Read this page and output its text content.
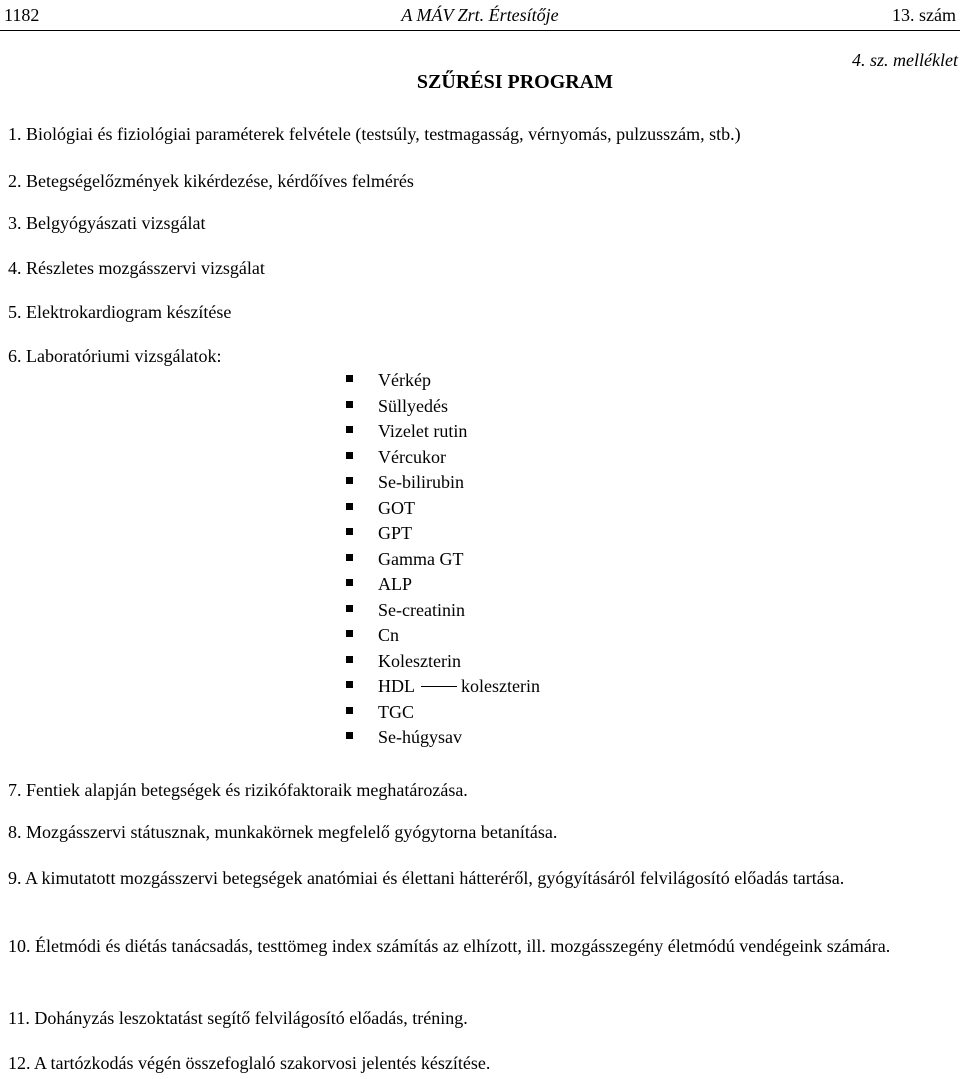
1182	A MÁV Zrt. Értesítője	13. szám
4. sz. melléklet
SZŰRÉSI PROGRAM
1. Biológiai és fiziológiai paraméterek felvétele (testsúly, testmagasság, vérnyomás, pulzusszám, stb.)
2. Betegségelőzmények kikérdezése, kérdőíves felmérés
3. Belgyógyászati vizsgálat
4. Részletes mozgásszervi vizsgálat
5. Elektrokardiogram készítése
6. Laboratóriumi vizsgálatok:
Vérkép
Süllyedés
Vizelet rutin
Vércukor
Se-bilirubin
GOT
GPT
Gamma GT
ALP
Se-creatinin
Cn
Koleszterin
HDL	koleszterin
TGC
Se-húgysav
7. Fentiek alapján betegségek és rizikófaktoraik meghatározása.
8. Mozgásszervi státusznak, munkakörnek megfelelő gyógytorna betanítása.
9. A kimutatott mozgásszervi betegségek anatómiai és élettani hátteréről, gyógyításáról felvilágosító előadás tartása.
10. Életmódi és diétás tanácsadás, testtömeg index számítás az elhízott, ill. mozgásszegény életmódú vendégeink számára.
11. Dohányzás leszoktatást segítő felvilágosító előadás, tréning.
12. A tartózkodás végén összefoglaló szakorvosi jelentés készítése.
